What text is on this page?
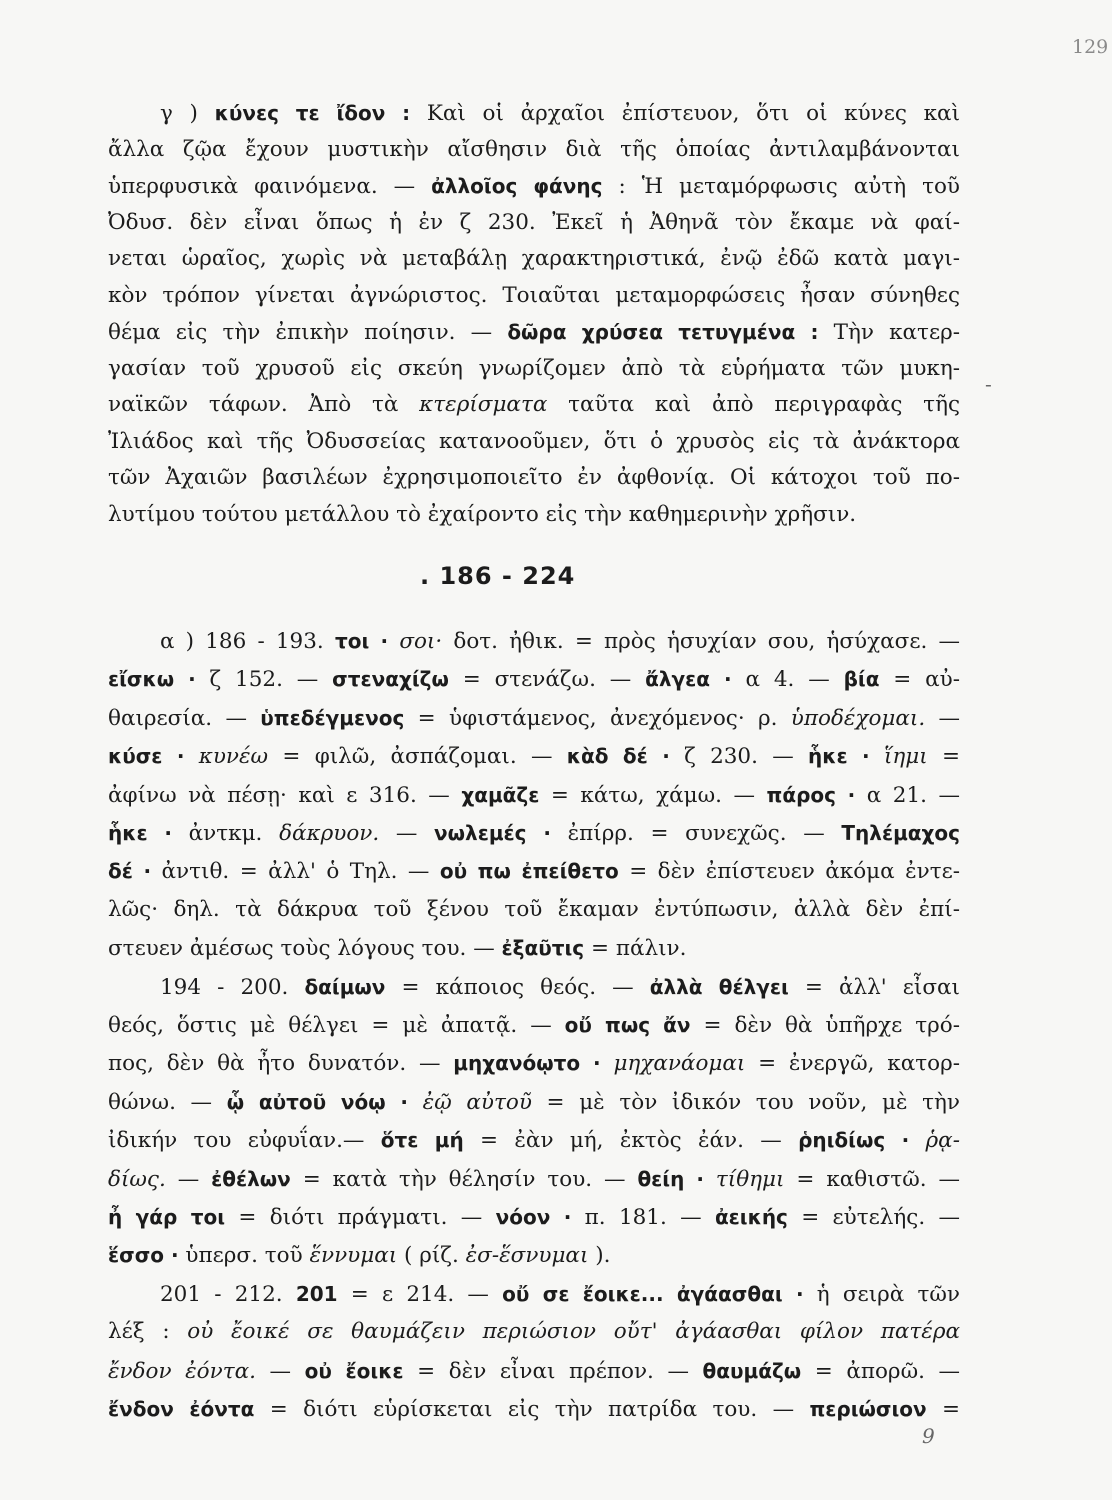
129
γ ) κύνες τε ἴδον : Καὶ οἱ ἀρχαῖοι ἐπίστευον, ὅτι οἱ κύνες καὶ
ἄλλα ζῷα ἔχουν μυστικὴν αἴσθησιν διὰ τῆς ὁποίας ἀντιλαμβάνονται
ὑπερφυσικὰ φαινόμενα. — ἀλλοῖος φάνης : Ἡ μεταμόρφωσις αὐτὴ τοῦ
Ὀδυσ. δὲν εἶναι ὅπως ἡ ἐν ζ 230. Ἐκεῖ ἡ Ἀθηνᾶ τὸν ἔκαμε νὰ φαί-
νεται ὡραῖος, χωρὶς νὰ μεταβάλῃ χαρακτηριστικά, ἐνῷ ἐδῶ κατὰ μαγι-
κὸν τρόπον γίνεται ἀγνώριστος. Τοιαῦται μεταμορφώσεις ἦσαν σύνηθες
θέμα εἰς τὴν ἐπικὴν ποίησιν. — δῶρα χρύσεα τετυγμένα : Τὴν κατερ-
γασίαν τοῦ χρυσοῦ εἰς σκεύη γνωρίζομεν ἀπὸ τὰ εὑρήματα τῶν μυκη-
ναϊκῶν τάφων. Ἀπὸ τὰ κτερίσματα ταῦτα καὶ ἀπὸ περιγραφὰς τῆς
Ἰλιάδος καὶ τῆς Ὀδυσσείας κατανοοῦμεν, ὅτι ὁ χρυσὸς εἰς τὰ ἀνάκτορα
τῶν Ἀχαιῶν βασιλέων ἐχρησιμοποιεῖτο ἐν ἀφθονίᾳ. Οἱ κάτοχοι τοῦ πο-
λυτίμου τούτου μετάλλου τὸ ἐχαίροντο εἰς τὴν καθημερινὴν χρῆσιν.
-
. 186 - 224
α ) 186 - 193. τοι · σοι· δοτ. ἠθικ. = πρὸς ἡσυχίαν σου, ἡσύχασε. —
εἴσκω · ζ 152. — στεναχίζω = στενάζω. — ἄλγεα · α 4. — βία = αὐ-
θαιρεσία. — ὑπεδέγμενος = ὑφιστάμενος, ἀνεχόμενος· ρ. ὑποδέχομαι. —
κύσε · κυνέω = φιλῶ, ἀσπάζομαι. — κὰδ δέ · ζ 230. — ἧκε · ἵημι =
ἀφίνω νὰ πέσῃ· καὶ ε 316. — χαμᾶζε = κάτω, χάμω. — πάρος · α 21. —
ἧκε · ἀντκμ. δάκρυον. — νωλεμές · ἐπίρρ. = συνεχῶς. — Τηλέμαχος
δέ · ἀντιθ. = ἀλλ' ὁ Τηλ. — οὐ πω ἐπείθετο = δὲν ἐπίστευεν ἀκόμα ἐντε-
λῶς· δηλ. τὰ δάκρυα τοῦ ξένου τοῦ ἔκαμαν ἐντύπωσιν, ἀλλὰ δὲν ἐπί-
στευεν ἀμέσως τοὺς λόγους του. — ἐξαῦτις = πάλιν.
194 - 200. δαίμων = κάποιος θεός. — ἀλλὰ θέλγει = ἀλλ' εἶσαι
θεός, ὅστις μὲ θέλγει = μὲ ἀπατᾷ. — οὔ πως ἄν = δὲν θὰ ὑπῆρχε τρό-
πος, δὲν θὰ ἦτο δυνατόν. — μηχανόῳτο · μηχανάομαι = ἐνεργῶ, κατορ-
θώνω. — ᾧ αὐτοῦ νόῳ · ἐῷ αὐτοῦ = μὲ τὸν ἰδικόν του νοῦν, μὲ τὴν
ἰδικήν του εὐφυΐαν.— ὅτε μή = ἐὰν μή, ἐκτὸς ἐάν. — ῥηιδίως · ῥᾳ-
δίως. — ἐθέλων = κατὰ τὴν θέλησίν του. — θείη · τίθημι = καθιστῶ. —
ἦ γάρ τοι = διότι πράγματι. — νόον · π. 181. — ἀεικής = εὐτελής. —
ἕσσο · ὑπερσ. τοῦ ἕννυμαι ( ρίζ. ἐσ-ἕσνυμαι ).
201 - 212. 201 = ε 214. — οὔ σε ἔοικε... ἀγάασθαι · ἡ σειρὰ τῶν
λέξ : οὐ ἔοικέ σε θαυμάζειν περιώσιον οὔτ' ἀγάασθαι φίλον πατέρα
ἔνδον ἐόντα. — οὐ ἔοικε = δὲν εἶναι πρέπον. — θαυμάζω = ἀπορῶ. —
ἔνδον ἐόντα = διότι εὑρίσκεται εἰς τὴν πατρίδα του. — περιώσιον =
9
